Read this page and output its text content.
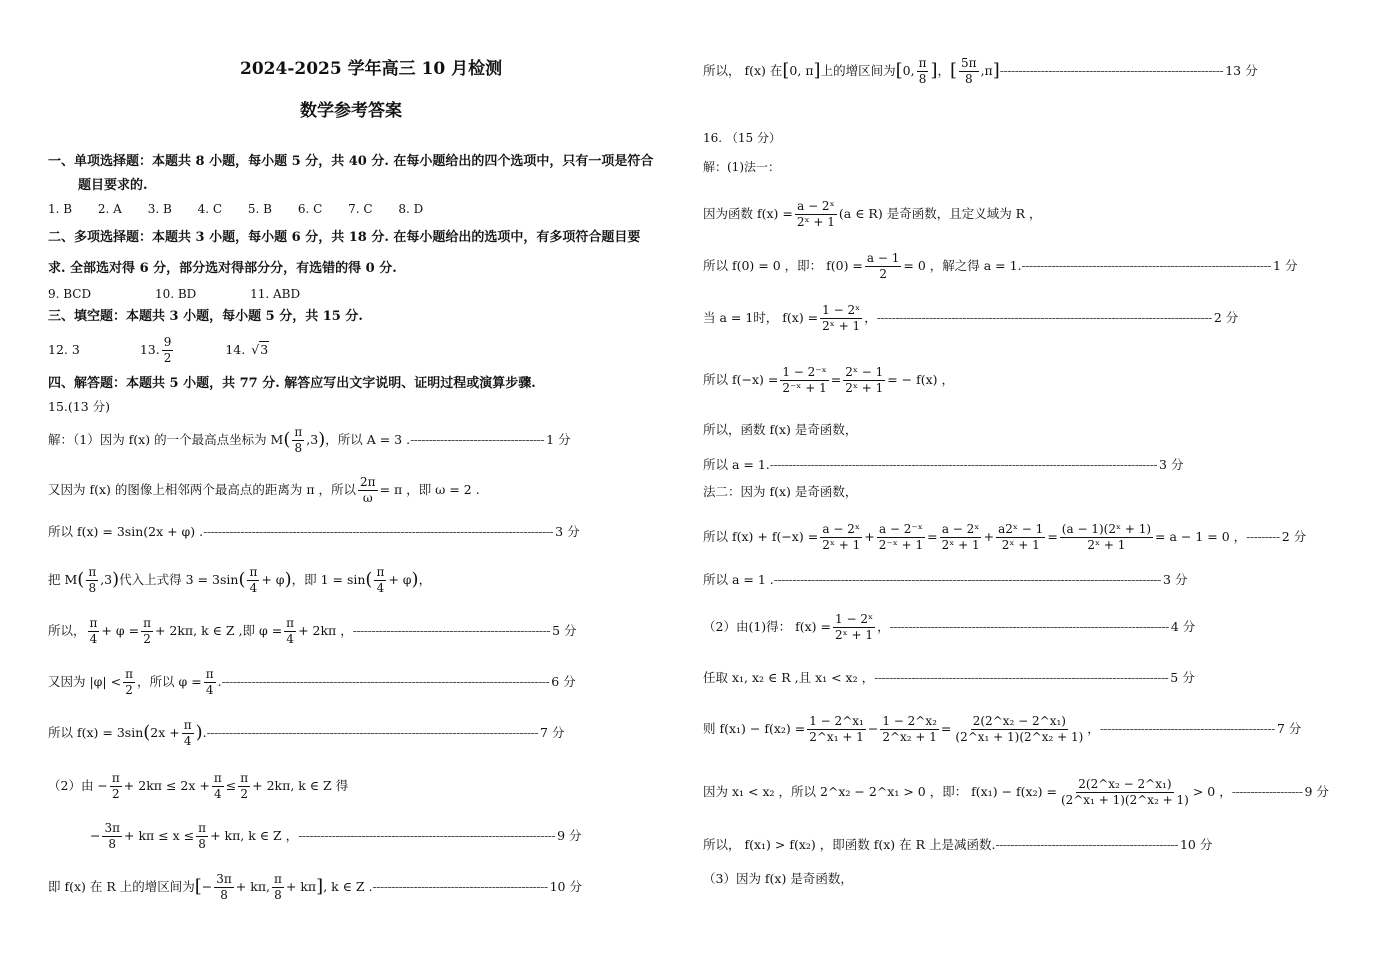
2024-2025 学年高三 10 月检测
数学参考答案
一、单项选择题：本题共 8 小题，每小题 5 分，共 40 分. 在每小题给出的四个选项中，只有一项是符合
题目要求的.
1. B 2. A 3. B 4. C 5. B 6. C 7. C 8. D
二、多项选择题：本题共 3 小题，每小题 6 分，共 18 分. 在每小题给出的选项中，有多项符合题目要
求. 全部选对得 6 分，部分选对得部分分，有选错的得 0 分.
9. BCD	10. BD	11. ABD
三、填空题：本题共 3 小题，每小题 5 分，共 15 分.
12. 3	13. $\frac{9}{2}$	14. √3
四、解答题：本题共 5 小题，共 77 分. 解答应写出文字说明、证明过程或演算步骤.
15.(13 分)
解：（1）因为 f(x) 的一个最高点坐标为 M ( $\frac{\pi}{8} ,3$ ) ，所以 A = 3 . ------------------------------------ 1 分
又因为 f(x) 的图像上相邻两个最高点的距离为 π ，所以 $\frac{2\pi}{\omega} = \pi$ ，即 ω = 2 .
所以 f(x) = 3sin(2x + φ) .---------------------------------------------------------------------------------------------- 3 分
把 M ( $\frac{\pi}{8} ,3$ ) 代入上式得 3 = 3sin ( $\frac{\pi}{4} + \varphi$ ) ，即 1 = sin ( $\frac{\pi}{4} + \varphi$ ) ，
所以， $\frac{\pi}{4} + \varphi = \frac{\pi}{2} + 2k\pi$, k ∈ Z ,即 $\varphi = \frac{\pi}{4} + 2k\pi$ ， ----------------------------------------------------- 5 分
又因为 $|\varphi| < \frac{\pi}{2}$ ，所以 $\varphi = \frac{\pi}{4}$ . ---------------------------------------------------------------------------------------- 6 分
所以 f(x) = 3sin ( $2x + \frac{\pi}{4}$ ) . ----------------------------------------------------------------------------------------- 7 分
（2）由 − $\frac{\pi}{2} + 2k\pi \le 2x + \frac{\pi}{4} \le \frac{\pi}{2} + 2k\pi$, k ∈ Z 得
− $\frac{3\pi}{8} + k\pi \le x \le \frac{\pi}{8} + k\pi$, k ∈ Z ， --------------------------------------------------------------------- 9 分
即 f(x) 在 R 上的增区间为 [ − $\frac{3\pi}{8} + k\pi$, $\frac{\pi}{8} + k\pi$ ] , k ∈ Z . ----------------------------------------------- 10 分
所以， f(x) 在 [ 0, π ] 上的增区间为 [ 0, $\frac{\pi}{8}$ ] ， [ $\frac{5\pi}{8} ,\pi$ ] ------------------------------------------------------------ 13 分
16. （15 分）
解：(1)法一：
因为函数 $f(x) = \frac{\text{a − 2ˣ}}{\text{2ˣ + 1}} (a$ ∈ R) 是奇函数，且定义域为 R ，
所以 f(0) = 0 ，即： $f(0) = \frac{a - 1}{2} = 0$ ，解之得 a = 1. ------------------------------------------------------------------- 1 分
当 a = 1时， $f(x) = \frac{\text{1 − 2ˣ}}{\text{2ˣ + 1}}$ ， ------------------------------------------------------------------------------------------ 2 分
所以 $f(-x) = \frac{\text{1 − 2⁻ˣ}}{\text{2⁻ˣ + 1}} = \frac{\text{2ˣ − 1}}{\text{2ˣ + 1}}$ = − f(x) ，
所以，函数 f(x) 是奇函数，
所以 a = 1.-------------------------------------------------------------------------------------------------------- 3 分
法二：因为 f(x) 是奇函数，
所以 $f(x) + f(-x) = \frac{\text{a − 2ˣ}}{\text{2ˣ + 1}} + \frac{\text{a − 2⁻ˣ}}{\text{2⁻ˣ + 1}} = \frac{\text{a − 2ˣ}}{\text{2ˣ + 1}} + \frac{\text{a2ˣ − 1}}{\text{2ˣ + 1}} = \frac{\text{(a − 1)(2ˣ + 1)}}{\text{2ˣ + 1}} = a - 1 = 0$ ， --------- 2 分
所以 a = 1 .-------------------------------------------------------------------------------------------------------- 3 分
（2）由(1)得： $f(x) = \frac{\text{1 − 2ˣ}}{\text{2ˣ + 1}}$ ， --------------------------------------------------------------------------- 4 分
任取 x₁, x₂ ∈ R ,且 x₁ < x₂ ，------------------------------------------------------------------------------- 5 分
则 $f(x_1) - f(x_2) = \frac{\text{1 − 2\textasciicircum{}x₁}}{\text{2\textasciicircum{}x₁ + 1}} - \frac{\text{1 − 2\textasciicircum{}x₂}}{\text{2\textasciicircum{}x₂ + 1}} = \frac{\text{2(2\textasciicircum{}x₂ − 2\textasciicircum{}x₁)}}{\text{(2\textasciicircum{}x₁ + 1)(2\textasciicircum{}x₂ + 1)}}$ ， ----------------------------------------------- 7 分
因为 x₁ < x₂ ，所以 2^x₂ − 2^x₁ > 0 ，即： $f(x_1) - f(x_2) = \frac{\text{2(2\textasciicircum{}x₂ − 2\textasciicircum{}x₁)}}{\text{(2\textasciicircum{}x₁ + 1)(2\textasciicircum{}x₂ + 1)}} > 0$ ， ------------------- 9 分
所以， f(x₁) > f(x₂) ，即函数 f(x) 在 R 上是减函数.------------------------------------------------- 10 分
（3）因为 f(x) 是奇函数，
